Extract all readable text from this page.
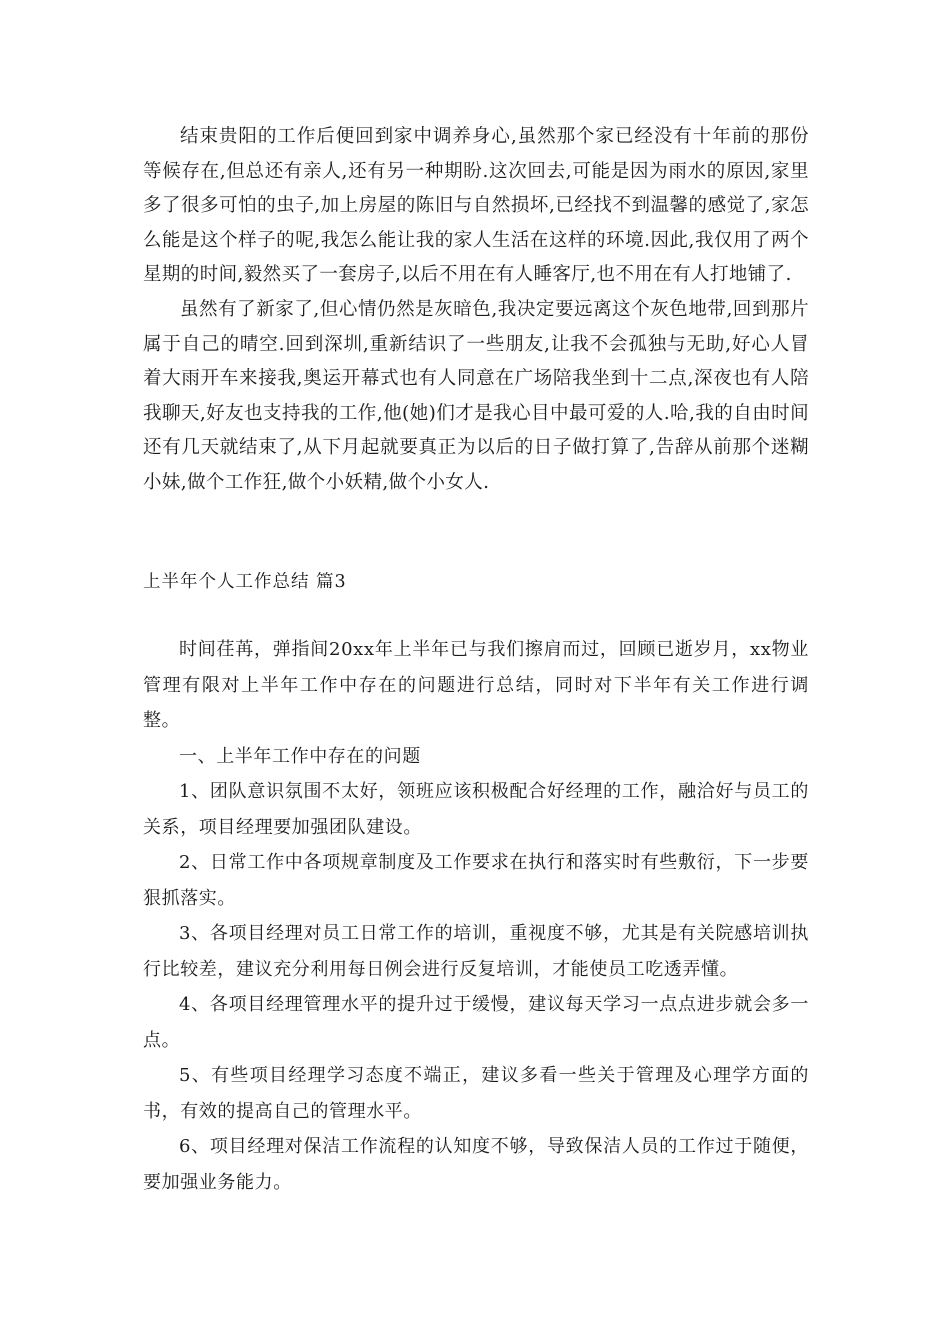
结束贵阳的工作后便回到家中调养身心,虽然那个家已经没有十年前的那份等候存在,但总还有亲人,还有另一种期盼.这次回去,可能是因为雨水的原因,家里多了很多可怕的虫子,加上房屋的陈旧与自然损坏,已经找不到温馨的感觉了,家怎么能是这个样子的呢,我怎么能让我的家人生活在这样的环境.因此,我仅用了两个星期的时间,毅然买了一套房子,以后不用在有人睡客厅,也不用在有人打地铺了.

虽然有了新家了,但心情仍然是灰暗色,我决定要远离这个灰色地带,回到那片属于自己的晴空.回到深圳,重新结识了一些朋友,让我不会孤独与无助,好心人冒着大雨开车来接我,奥运开幕式也有人同意在广场陪我坐到十二点,深夜也有人陪我聊天,好友也支持我的工作,他(她)们才是我心目中最可爱的人.哈,我的自由时间还有几天就结束了,从下月起就要真正为以后的日子做打算了,告辞从前那个迷糊小妹,做个工作狂,做个小妖精,做个小女人.

上半年个人工作总结 篇3

时间荏苒，弹指间20xx年上半年已与我们擦肩而过，回顾已逝岁月，xx物业管理有限对上半年工作中存在的问题进行总结，同时对下半年有关工作进行调整。

一、上半年工作中存在的问题

1、团队意识氛围不太好，领班应该积极配合好经理的工作，融洽好与员工的关系，项目经理要加强团队建设。

2、日常工作中各项规章制度及工作要求在执行和落实时有些敷衍，下一步要狠抓落实。

3、各项目经理对员工日常工作的培训，重视度不够，尤其是有关院感培训执行比较差，建议充分利用每日例会进行反复培训，才能使员工吃透弄懂。

4、各项目经理管理水平的提升过于缓慢，建议每天学习一点点进步就会多一点。

5、有些项目经理学习态度不端正，建议多看一些关于管理及心理学方面的书，有效的提高自己的管理水平。

6、项目经理对保洁工作流程的认知度不够，导致保洁人员的工作过于随便，要加强业务能力。
